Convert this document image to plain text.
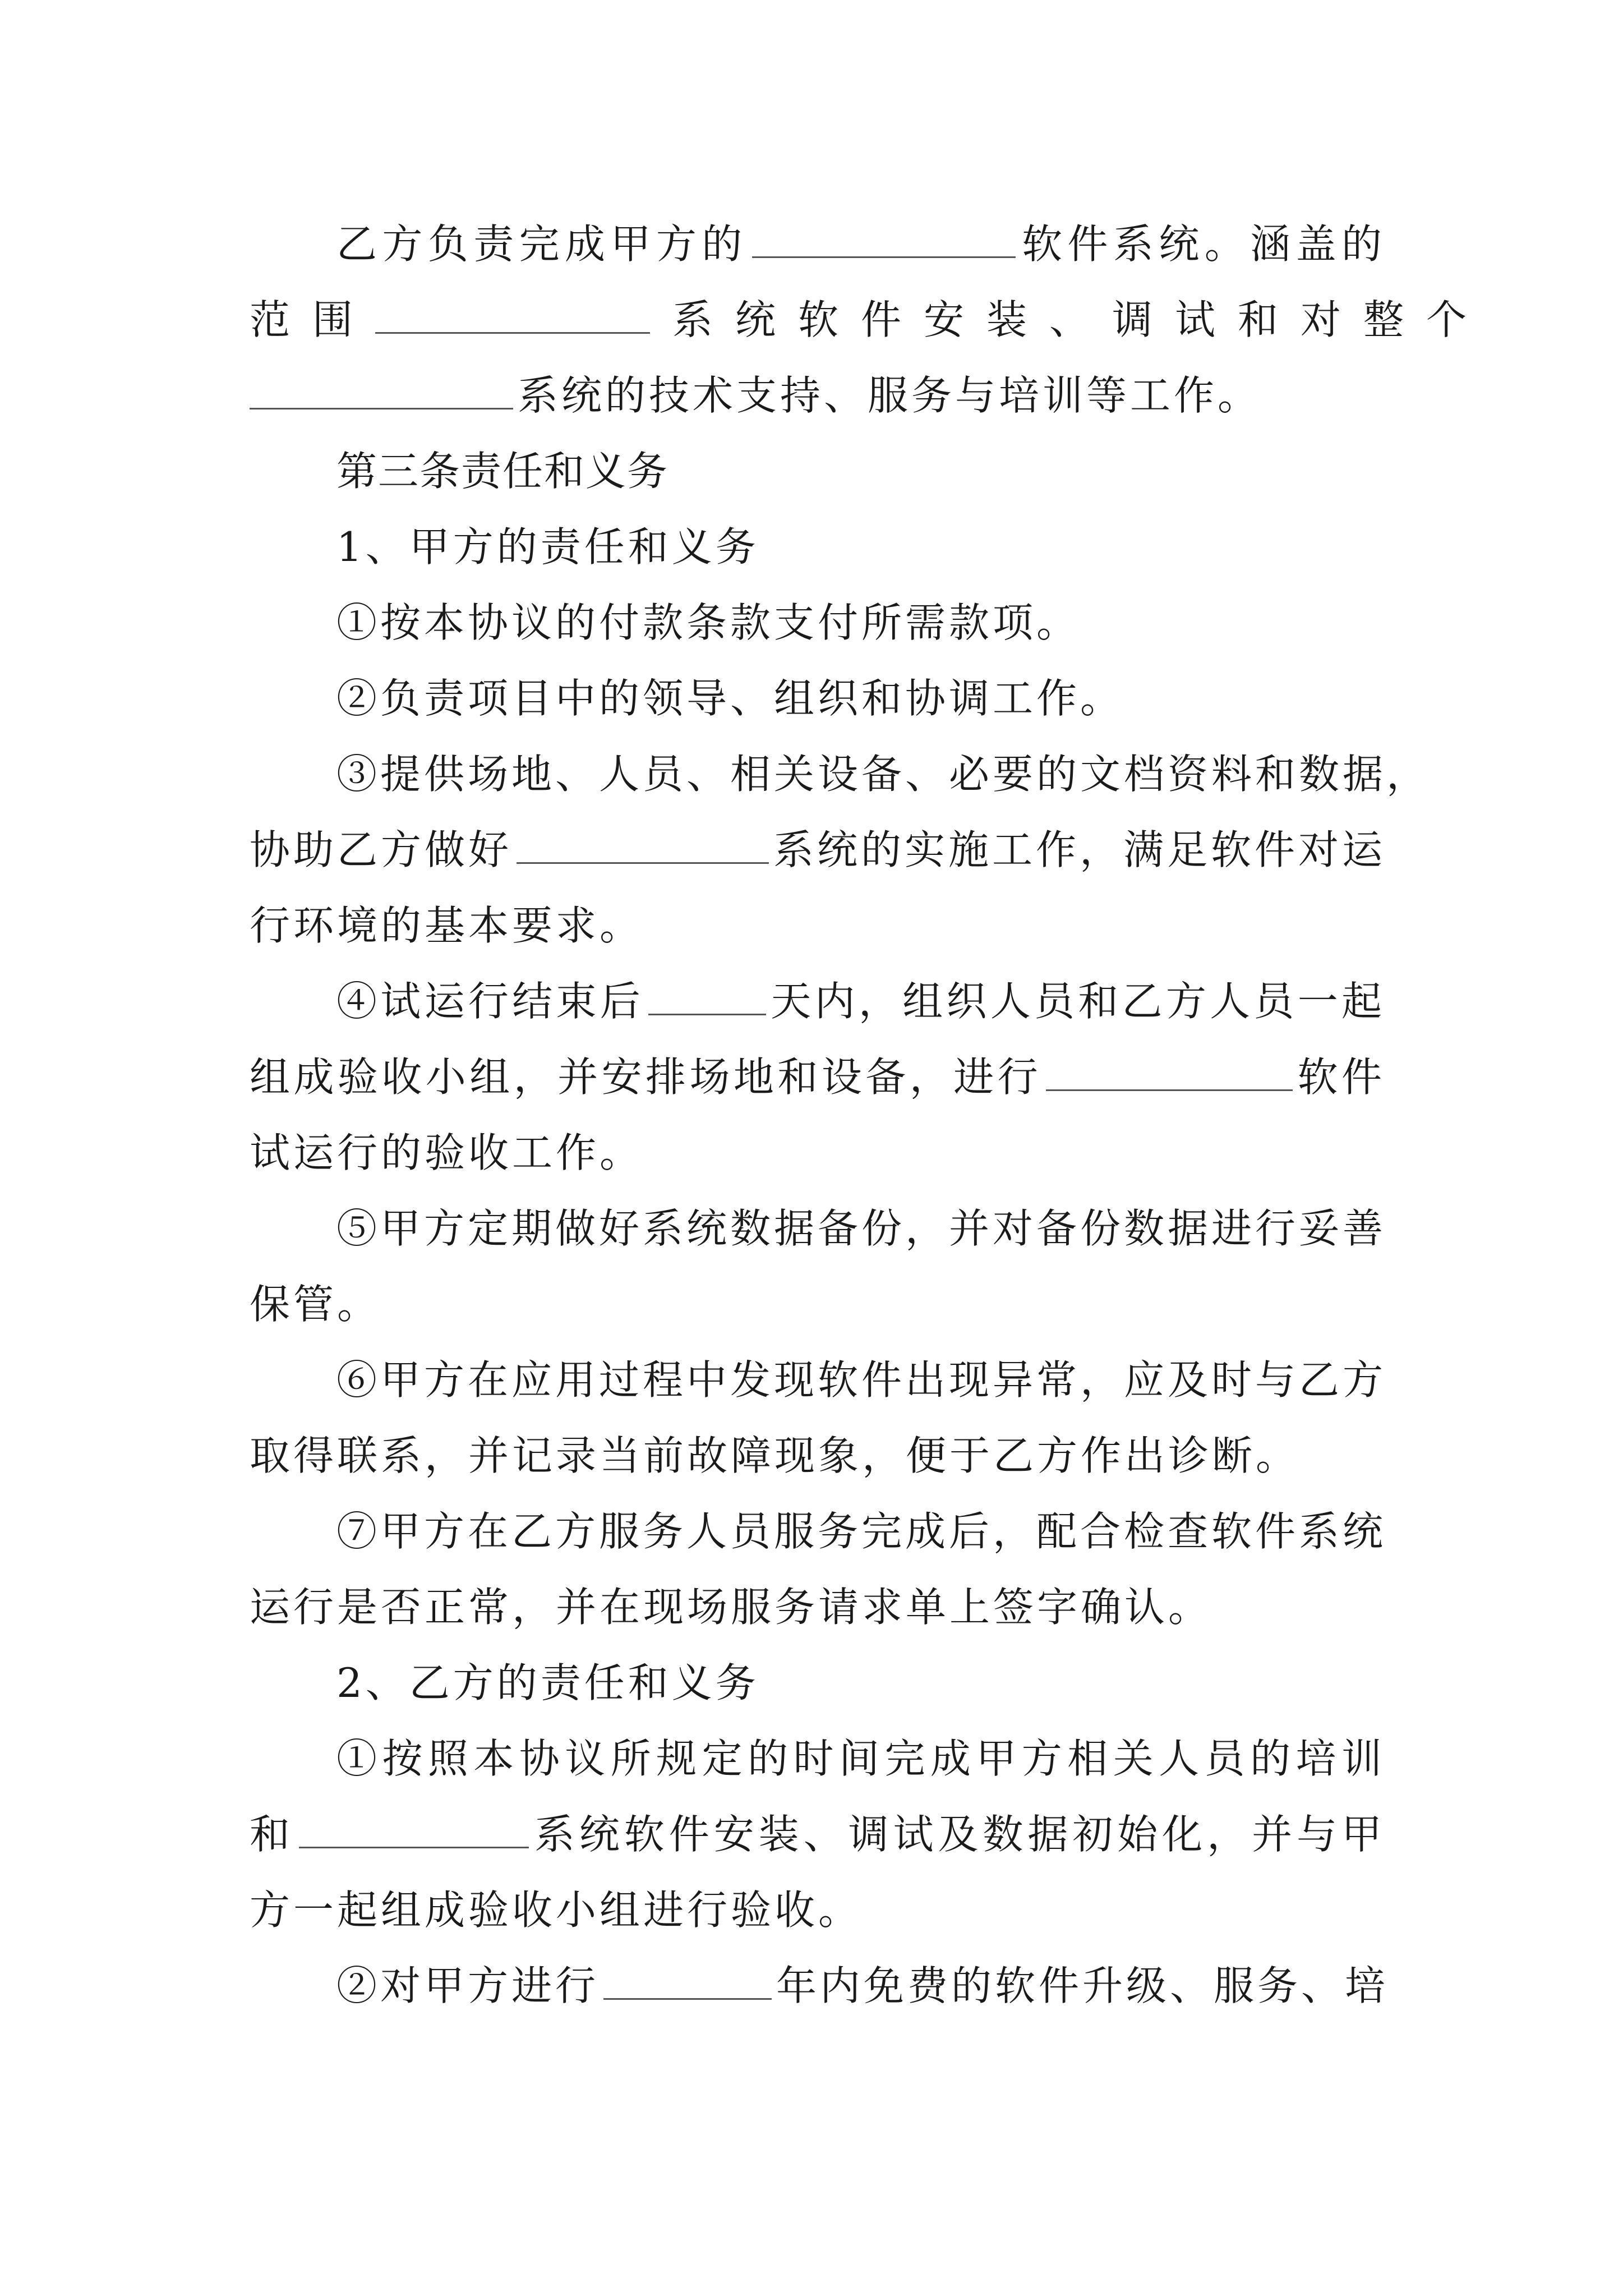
乙方负责完成甲方的	软件系统。涵盖的
范围	系统软件安装、调试和对整个
系统的技术支持、服务与培训等工作。
第三条责任和义务
1、甲方的责任和义务
①按本协议的付款条款支付所需款项。
②负责项目中的领导、组织和协调工作。
③提供场地、人员、相关设备、必要的文档资料和数据，
协助乙方做好	系统的实施工作，满足软件对运
行环境的基本要求。
④试运行结束后	天内，组织人员和乙方人员一起
组成验收小组，并安排场地和设备，进行	软件
试运行的验收工作。
⑤甲方定期做好系统数据备份，并对备份数据进行妥善
保管。
⑥甲方在应用过程中发现软件出现异常，应及时与乙方
取得联系，并记录当前故障现象，便于乙方作出诊断。
⑦甲方在乙方服务人员服务完成后，配合检查软件系统
运行是否正常，并在现场服务请求单上签字确认。
2、乙方的责任和义务
①按照本协议所规定的时间完成甲方相关人员的培训
和	系统软件安装、调试及数据初始化，并与甲
方一起组成验收小组进行验收。
②对甲方进行	年内免费的软件升级、服务、培
